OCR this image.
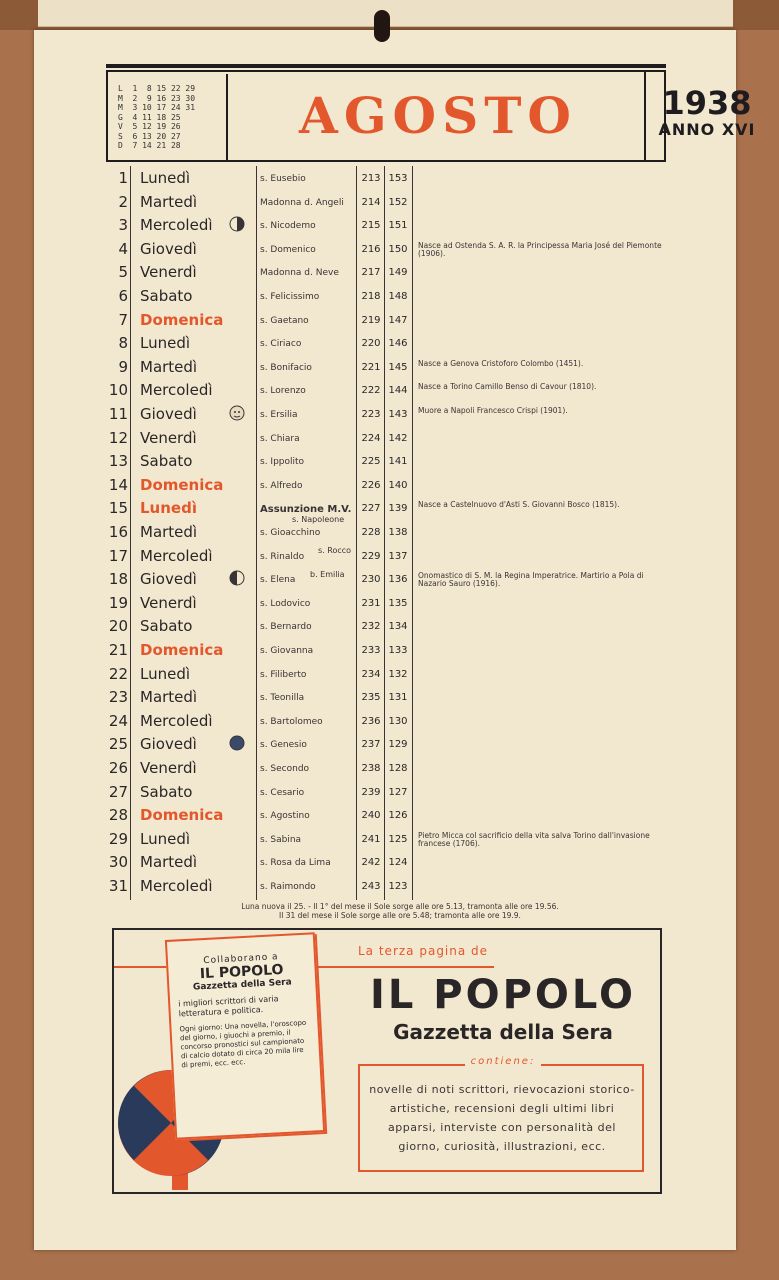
L  1  8 15 22 29
M  2  9 16 23 30
M  3 10 17 24 31
G  4 11 18 25
V  5 12 19 26
S  6 13 20 27
D  7 14 21 28
AGOSTO	1938
ANNO XVI
s. Napoleone
s. Rocco
b. Emilia
1 Lunedì	s. Eusebio	213 153
2 Martedì	Madonna d. Angeli	214 152
3 Mercoledì	s. Nicodemo	215 151
4 Giovedì	s. Domenico	216 150	Nasce ad Ostenda S. A. R. la Principessa Maria José del Piemonte (1906).
5 Venerdì	Madonna d. Neve	217 149
6 Sabato	s. Felicissimo	218 148
7 Domenica	s. Gaetano	219 147
8 Lunedì	s. Ciriaco	220 146
9 Martedì	s. Bonifacio	221 145	Nasce a Genova Cristoforo Colombo (1451).
10 Mercoledì	s. Lorenzo	222 144	Nasce a Torino Camillo Benso di Cavour (1810).
11 Giovedì	s. Ersilia	223 143	Muore a Napoli Francesco Crispi (1901).
12 Venerdì	s. Chiara	224 142
13 Sabato	s. Ippolito	225 141
14 Domenica	s. Alfredo	226 140
15 Lunedì	Assunzione M.V.	227 139	Nasce a Castelnuovo d'Asti S. Giovanni Bosco (1815).
16 Martedì	s. Gioacchino	228 138
17 Mercoledì	s. Rinaldo	229 137
18 Giovedì	s. Elena	230 136	Onomastico di S. M. la Regina Imperatrice. Martirio a Pola di Nazario Sauro (1916).
19 Venerdì	s. Lodovico	231 135
20 Sabato	s. Bernardo	232 134
21 Domenica	s. Giovanna	233 133
22 Lunedì	s. Filiberto	234 132
23 Martedì	s. Teonilla	235 131
24 Mercoledì	s. Bartolomeo	236 130
25 Giovedì	s. Genesio	237 129
26 Venerdì	s. Secondo	238 128
27 Sabato	s. Cesario	239 127
28 Domenica	s. Agostino	240 126
29 Lunedì	s. Sabina	241 125	Pietro Micca col sacrificio della vita salva Torino dall'invasione francese (1706).
30 Martedì	s. Rosa da Lima	242 124
31 Mercoledì	s. Raimondo	243 123
Luna nuova il 25. - Il 1° del mese il Sole sorge alle ore 5.13, tramonta alle ore 19.56.
Il 31 del mese il Sole sorge alle ore 5.48; tramonta alle ore 19.9.
Collaborano a
IL POPOLO
Gazzetta della Sera
i migliori scrittori di varia letteratura e politica.
Ogni giorno: Una novella, l'oroscopo del giorno, i giuochi a premio, il concorso pronostici sul campionato di calcio dotato di circa 20 mila lire di premi, ecc. ecc.
La terza pagina de
IL POPOLO
Gazzetta della Sera
contiene:
novelle di noti scrittori, rievocazioni storico-artistiche, recensioni degli ultimi libri apparsi, interviste con personalità del giorno, curiosità, illustrazioni, ecc.
